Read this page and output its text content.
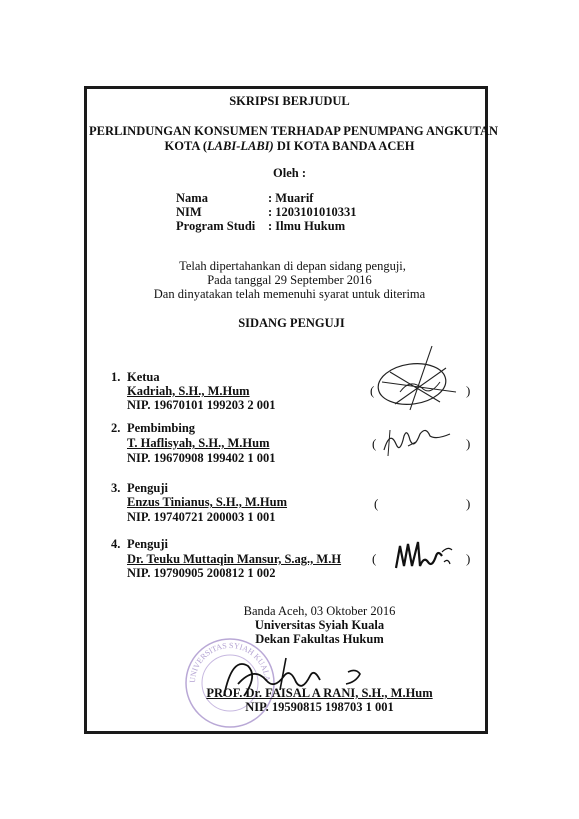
SKRIPSI BERJUDUL
PERLINDUNGAN KONSUMEN TERHADAP PENUMPANG ANGKUTAN
KOTA (LABI-LABI) DI KOTA BANDA ACEH
Oleh :
Nama	: Muarif
NIM	: 1203101010331
Program Studi : Ilmu Hukum
Telah dipertahankan di depan sidang penguji,
Pada tanggal 29 September 2016
Dan dinyatakan telah memenuhi syarat untuk diterima
SIDANG PENGUJI
1. Ketua
Kadriah, S.H., M.Hum
NIP. 19670101 199203 2 001
(	)
2. Pembimbing
T. Haflisyah, S.H., M.Hum
NIP. 19670908 199402 1 001
(	)
3. Penguji
Enzus Tinianus, S.H., M.Hum
NIP. 19740721 200003 1 001
(	)
4. Penguji
Dr. Teuku Muttaqin Mansur, S.ag., M.H
NIP. 19790905 200812 1 002
(	)
Banda Aceh, 03 Oktober 2016
Universitas Syiah Kuala
Dekan Fakultas Hukum
UNIVERSITAS SYIAH KUALA
PROF. Dr. FAISAL A RANI, S.H., M.Hum
NIP. 19590815 198703 1 001
